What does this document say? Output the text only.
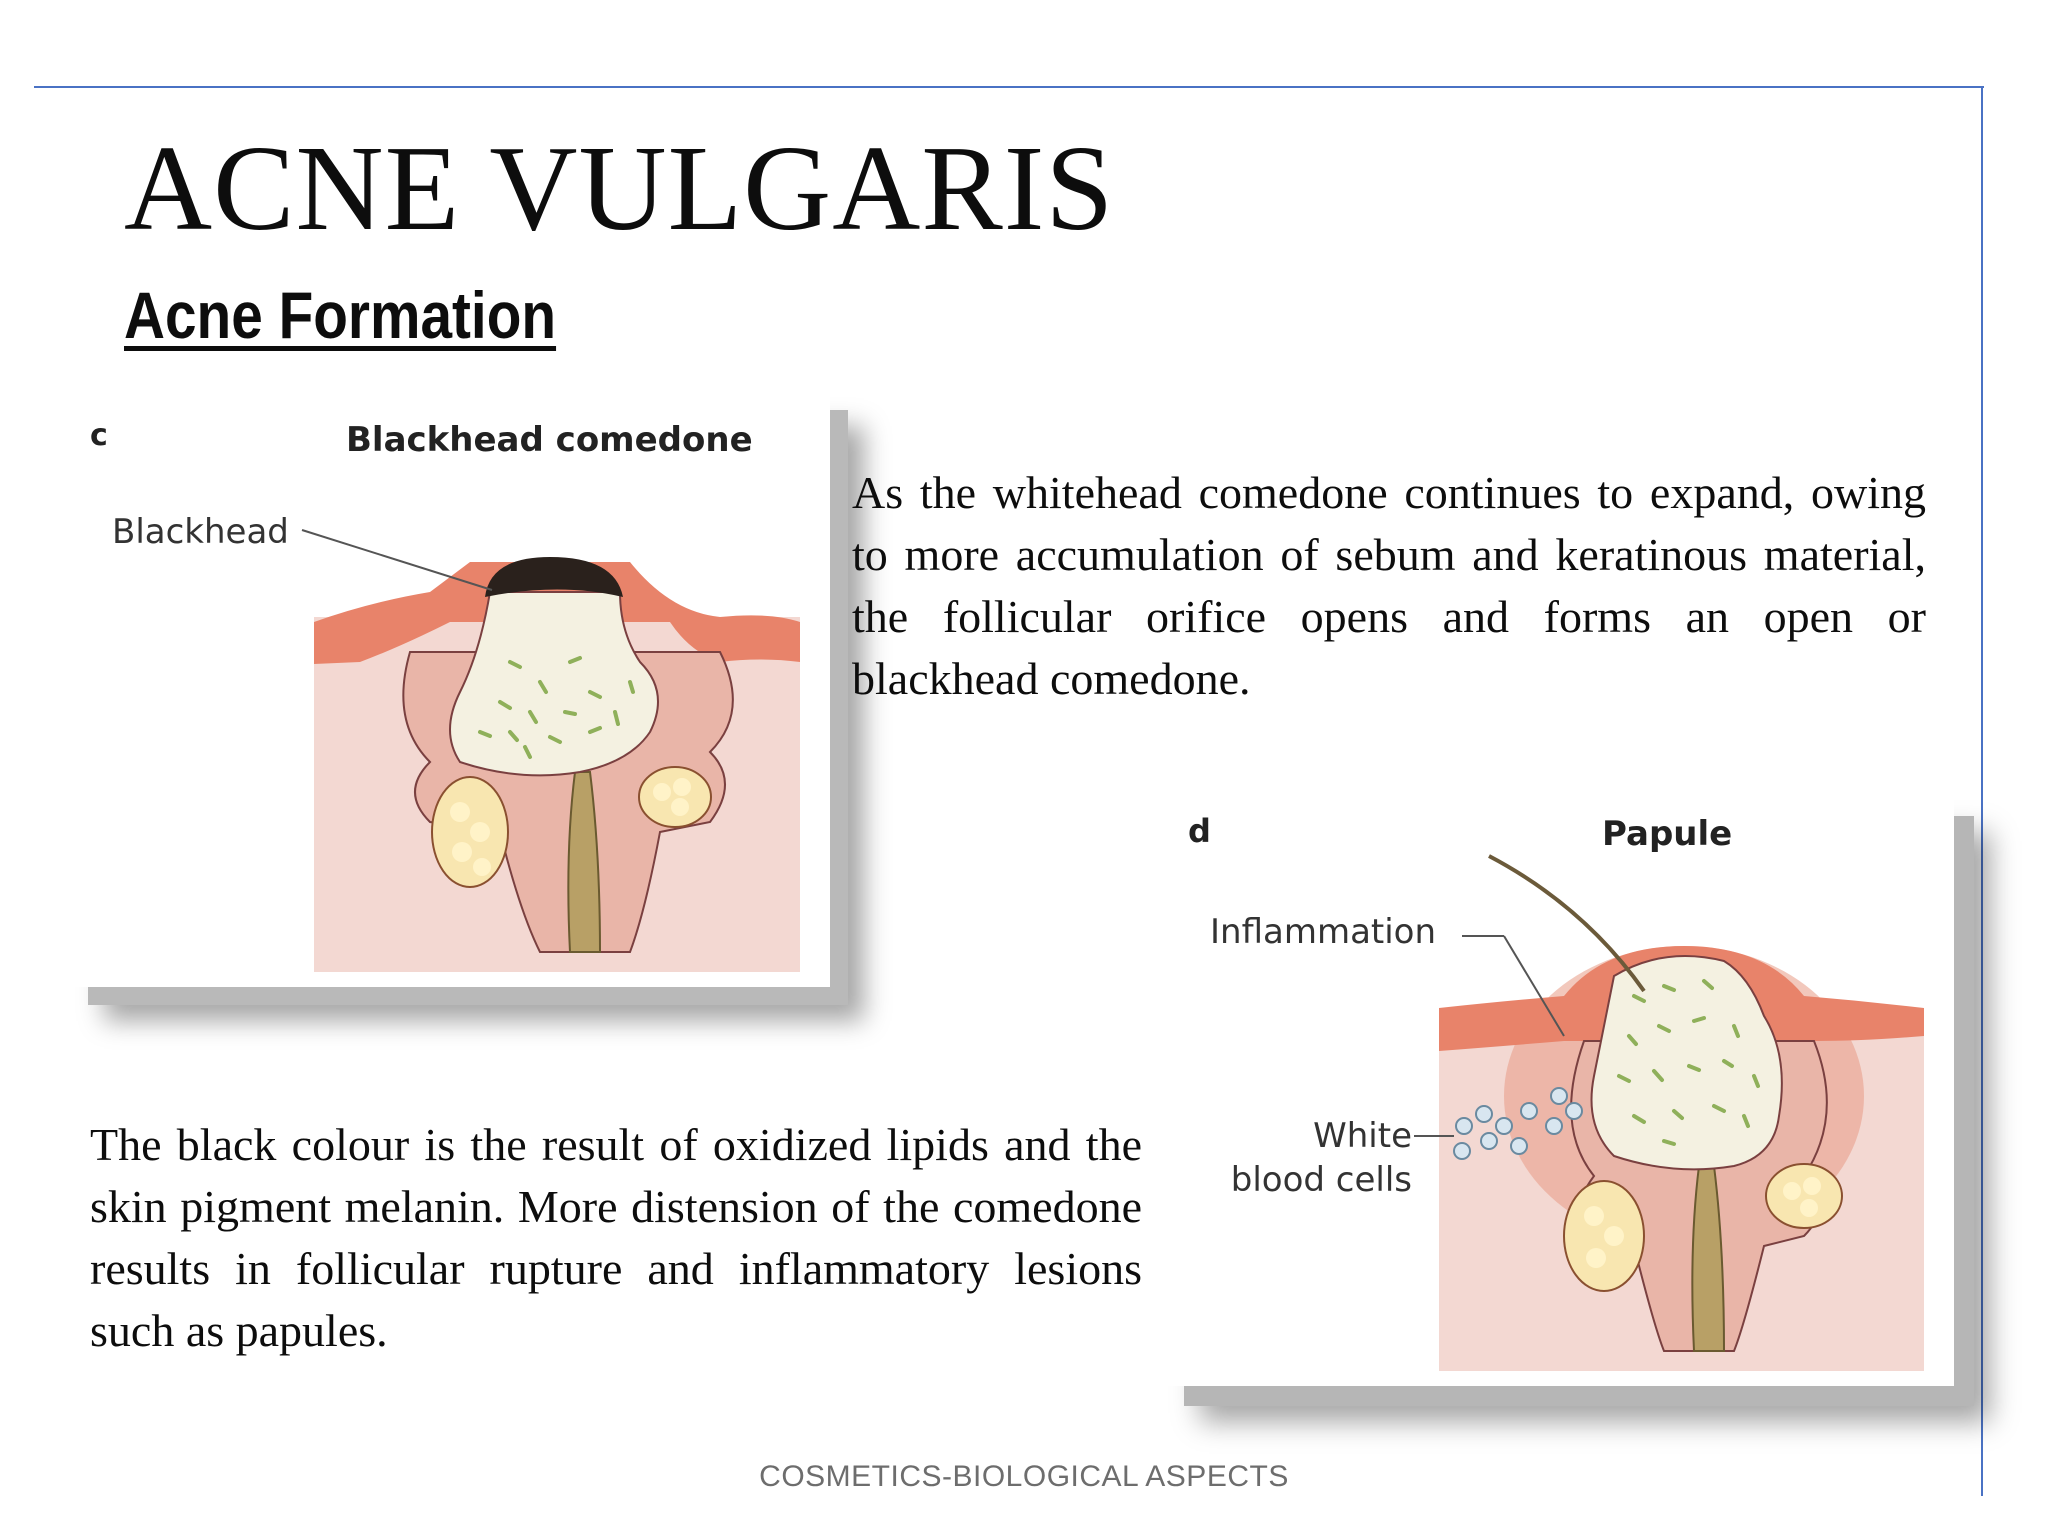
ACNE VULGARIS
Acne Formation
c	Blackhead comedone
Blackhead
As the whitehead comedone continues to expand, owing to more accumulation of sebum and keratinous material, the follicular orifice opens and forms an open or blackhead comedone.
d	Papule
Inflammation
White
blood cells
The black colour is the result of oxidized lipids and the skin pigment melanin. More distension of the comedone results in follicular rupture and inflammatory lesions such as papules.
COSMETICS-BIOLOGICAL ASPECTS
